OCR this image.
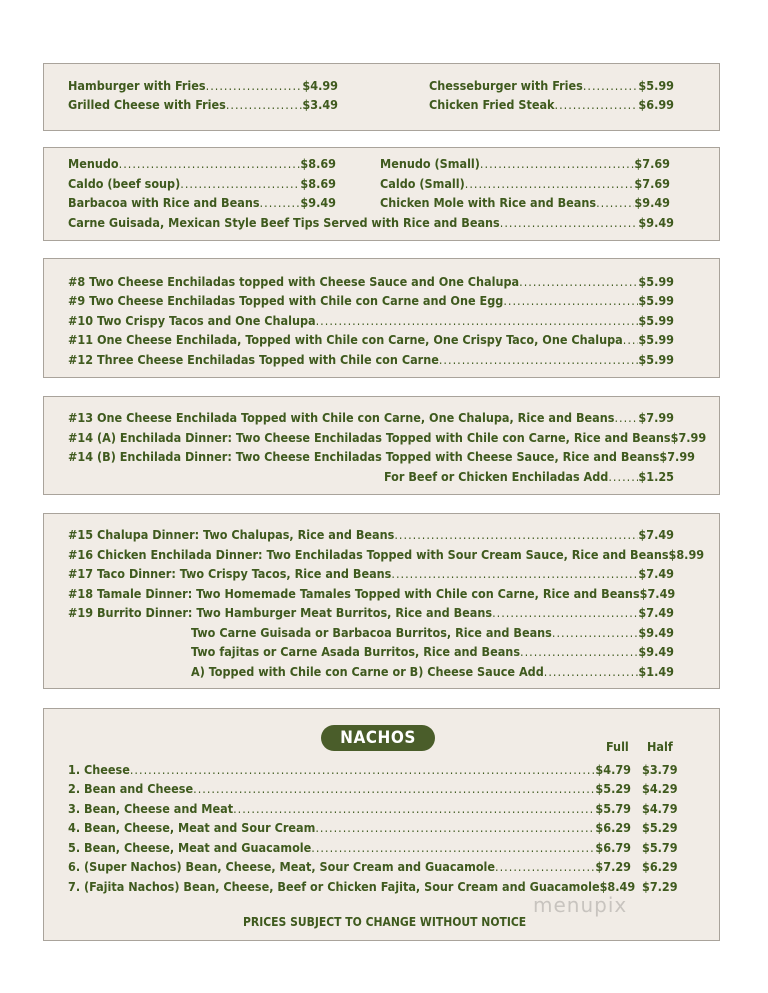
Hamburger with Fries .....	$4.99	Chesseburger with Fries .....	$5.99
Grilled Cheese with Fries .....	$3.49	Chicken Fried Steak .....	$6.99
Menudo .....	$8.69	Menudo (Small) .....	$7.69
Caldo (beef soup) .....	$8.69	Caldo (Small) .....	$7.69
Barbacoa with Rice and Beans .....	$9.49	Chicken Mole with Rice and Beans .....	$9.49
Carne Guisada, Mexican Style Beef Tips Served with Rice and Beans .....	$9.49
#8 Two Cheese Enchiladas topped with Cheese Sauce and One Chalupa .....	$5.99
#9 Two Cheese Enchiladas Topped with Chile con Carne and One Egg .....	$5.99
#10 Two Crispy Tacos and One Chalupa .....	$5.99
#11 One Cheese Enchilada, Topped with Chile con Carne, One Crispy Taco, One Chalupa ..... $5.99
#12 Three Cheese Enchiladas Topped with Chile con Carne .....	$5.99
#13 One Cheese Enchilada Topped with Chile con Carne, One Chalupa, Rice and Beans ..... $7.99
#14 (A) Enchilada Dinner: Two Cheese Enchiladas Topped with Chile con Carne, Rice and Beans $7.99
#14 (B) Enchilada Dinner: Two Cheese Enchiladas Topped with Cheese Sauce, Rice and Beans $7.99
For Beef or Chicken Enchiladas Add ..... $1.25
#15 Chalupa Dinner: Two Chalupas, Rice and Beans .....	$7.49
#16 Chicken Enchilada Dinner: Two Enchiladas Topped with Sour Cream Sauce, Rice and Beans $8.99
#17 Taco Dinner: Two Crispy Tacos, Rice and Beans .....	$7.49
#18 Tamale Dinner: Two Homemade Tamales Topped with Chile con Carne, Rice and Beans $7.49
#19 Burrito Dinner: Two Hamburger Meat Burritos, Rice and Beans .....	$7.49
Two Carne Guisada or Barbacoa Burritos, Rice and Beans .....	$9.49
Two fajitas or Carne Asada Burritos, Rice and Beans .....	$9.49
A) Topped with Chile con Carne or B) Cheese Sauce Add .....	$1.49
NACHOS	Full Half
1. Cheese .....	$4.79 $3.79
2. Bean and Cheese .....	$5.29 $4.29
3. Bean, Cheese and Meat .....	$5.79 $4.79
4. Bean, Cheese, Meat and Sour Cream .....	$6.29 $5.29
5. Bean, Cheese, Meat and Guacamole .....	$6.79 $5.79
6. (Super Nachos) Bean, Cheese, Meat, Sour Cream and Guacamole .....	$7.29 $6.29
7. (Fajita Nachos) Bean, Cheese, Beef or Chicken Fajita, Sour Cream and Guacamole $8.49 $7.29
PRICES SUBJECT TO CHANGE WITHOUT NOTICE
menupix
